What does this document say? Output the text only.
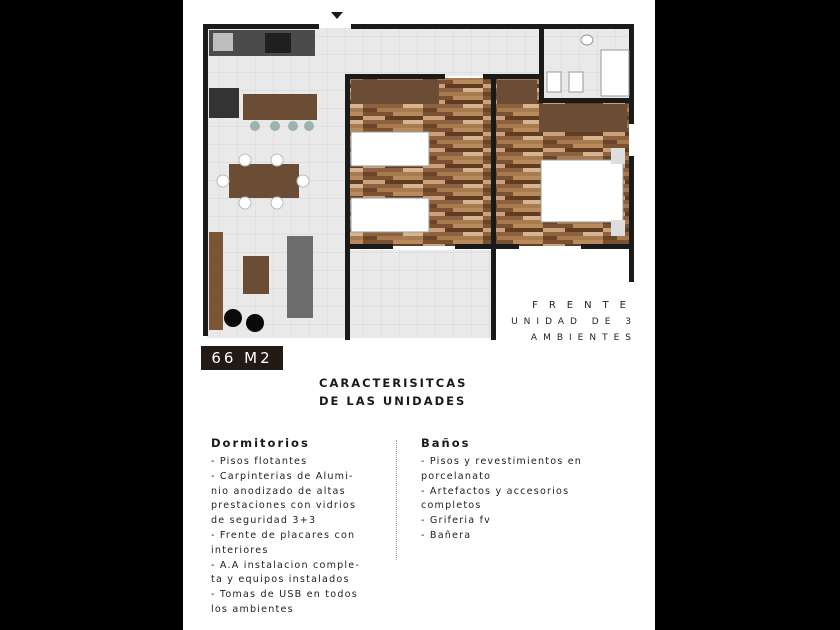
66 M2
FRENTE
UNIDAD DE 3
AMBIENTES
CARACTERISITCAS
DE LAS UNIDADES
Dormitorios
- Pisos flotantes
- Carpinterias de Alumi-
nio anodizado de altas
prestaciones con vidrios
de seguridad 3+3
- Frente de placares con
interiores
- A.A instalacion comple-
ta y equipos instalados
- Tomas de USB en todos
los ambientes
Baños
- Pisos y revestimientos en
porcelanato
- Artefactos y accesorios
completos
- Griferia fv
- Bañera
